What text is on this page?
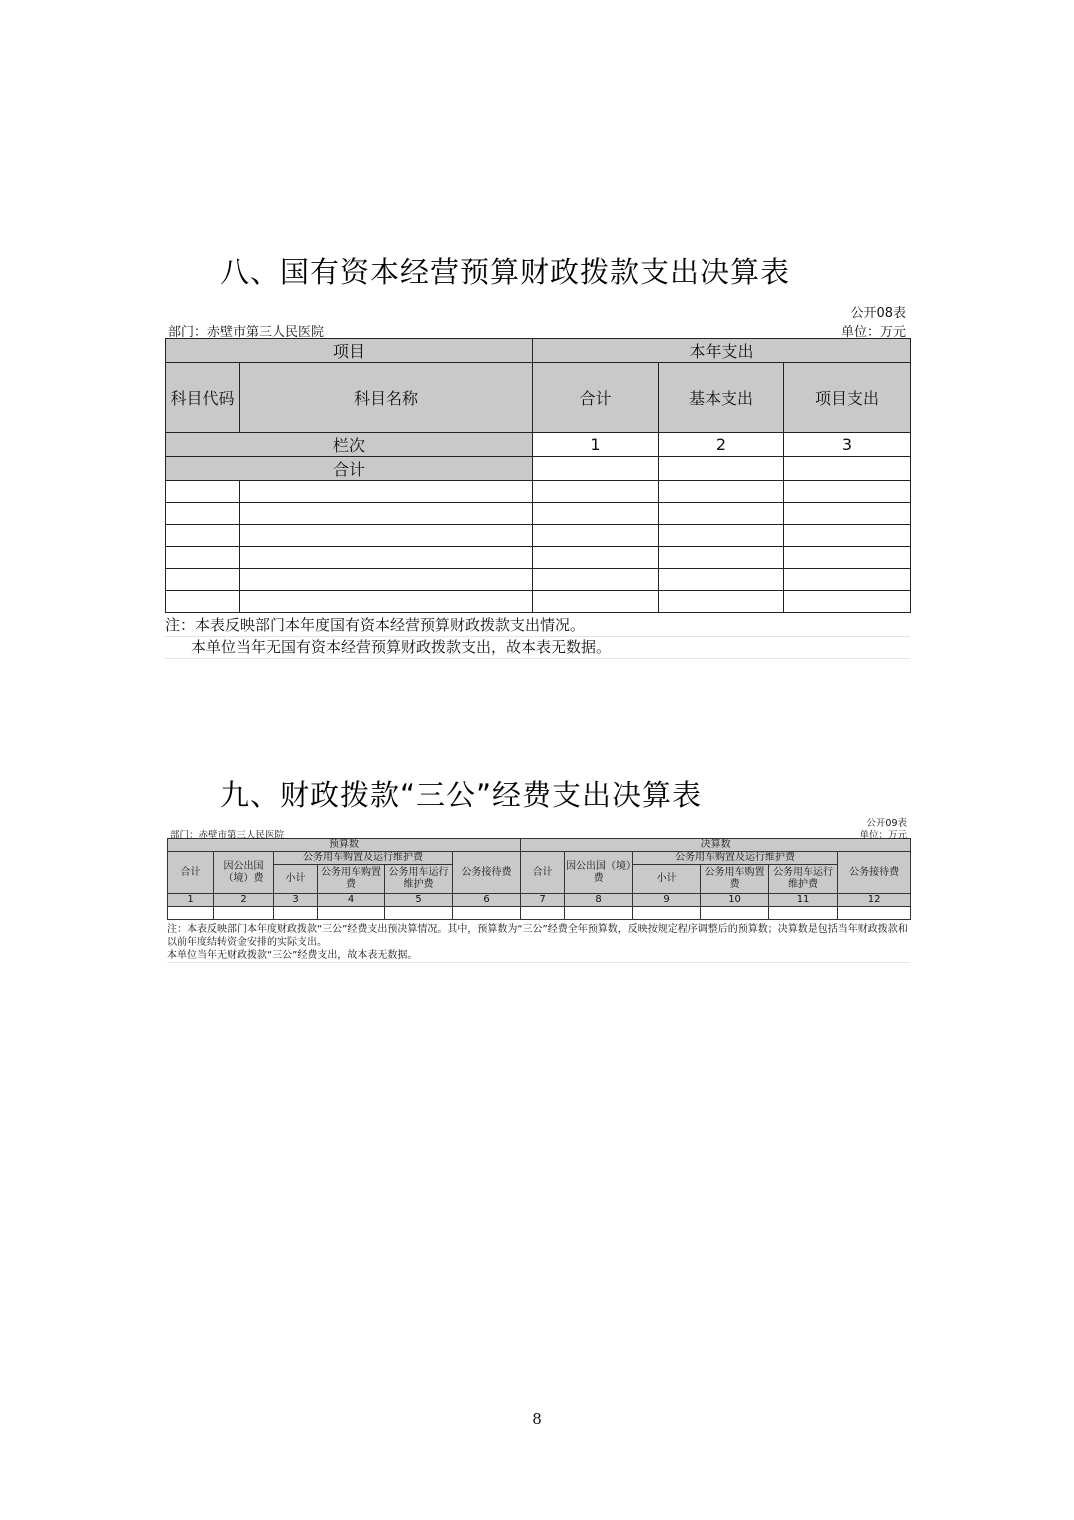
八、国有资本经营预算财政拨款支出决算表
公开08表
部门：赤壁市第三人民医院	单位：万元
项目		本年支出		
科目代码	科目名称	合计	基本支出	项目支出
栏次		1	2	3
合计				

注：本表反映部门本年度国有资本经营预算财政拨款支出情况。
本单位当年无国有资本经营预算财政拨款支出，故本表无数据。
九、财政拨款“三公”经费支出决算表
公开09表
部门：赤壁市第三人民医院	单位：万元
预算数						决算数					
合计	因公出国（境）费	公务用车购置及运行维护费			公务接待费	合计	因公出国（境）费	公务用车购置及运行维护费			公务接待费
		小计	公务用车购置费	公务用车运行维护费				小计	公务用车购置费	公务用车运行维护费	
1	2	3	4	5	6	7	8	9	10	11	12

注：本表反映部门本年度财政拨款“三公”经费支出预决算情况。其中，预算数为“三公”经费全年预算数，反映按规定程序调整后的预算数；决算数是包括当年财政拨款和以前年度结转资金安排的实际支出。
本单位当年无财政拨款“三公”经费支出，故本表无数据。
8
